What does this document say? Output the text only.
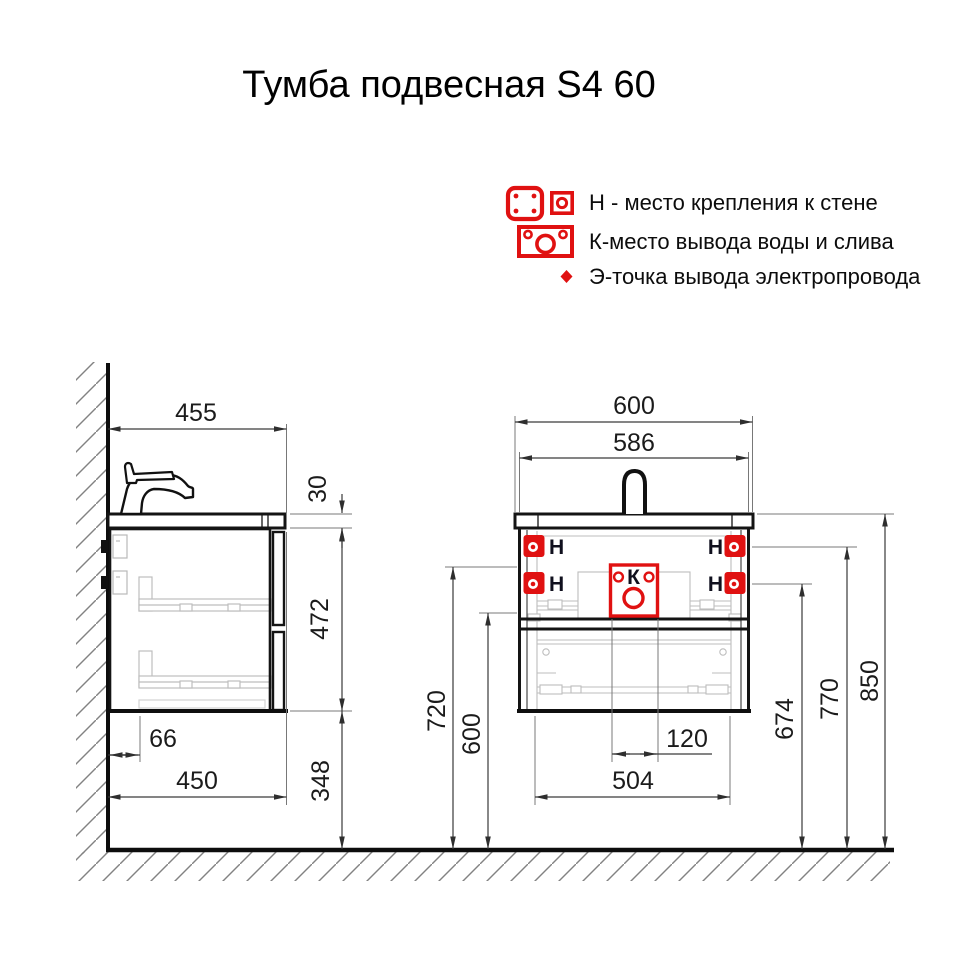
Тумба подвесная S4 60
Н - место крепления к стене
К-место вывода воды и слива
Э-точка вывода электропровода
Н
Н
Н
Н
К
455
30
472
66
450	348
600
586
720
600	120
504
674 770 850
